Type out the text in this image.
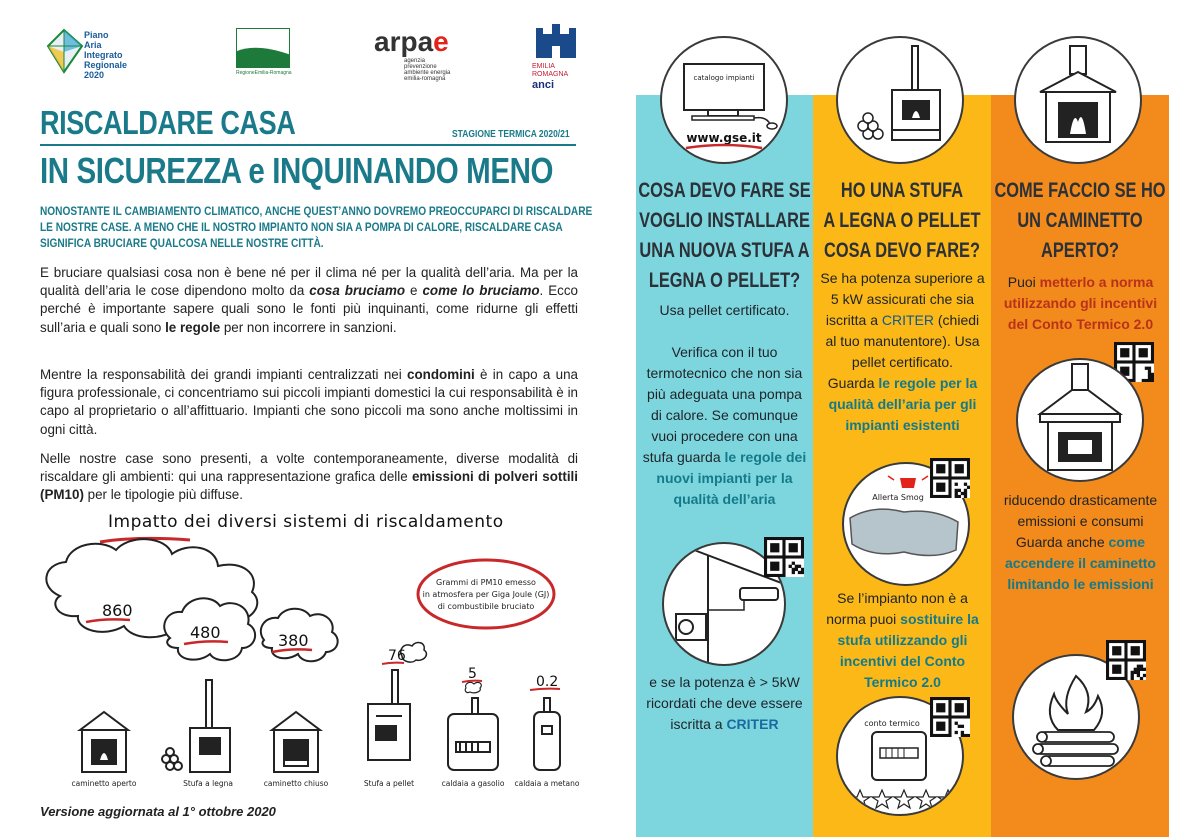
Piano
Aria
Integrato
Regionale
2020	RegioneEmilia-Romagna
arpae
agenzia
prevenzione
ambiente energia
emilia-romagna
EMILIA
ROMAGNA
anci
RISCALDARE CASA	STAGIONE TERMICA 2020/21
IN SICUREZZA e INQUINANDO MENO
NONOSTANTE IL CAMBIAMENTO CLIMATICO, ANCHE QUEST’ANNO DOVREMO PREOCCUPARCI DI RISCALDARE
LE NOSTRE CASE. A MENO CHE IL NOSTRO IMPIANTO NON SIA A POMPA DI CALORE, RISCALDARE CASA
SIGNIFICA BRUCIARE QUALCOSA NELLE NOSTRE CITTÀ.

E bruciare qualsiasi cosa non è bene né per il clima né per la qualità dell’aria. Ma per la qualità dell’aria le cose dipendono molto da cosa bruciamo e come lo bruciamo. Ecco perché è importante sapere quali sono le fonti più inquinanti, come ridurne gli effetti sull’aria e quali sono le regole per non incorrere in sanzioni.

Mentre la responsabilità dei grandi impianti centralizzati nei condomini è in capo a una figura professionale, ci concentriamo sui piccoli impianti domestici la cui responsabilità è in capo al proprietario o all’affittuario. Impianti che sono piccoli ma sono anche moltissimi in ogni città.

Nelle nostre case sono presenti, a volte contemporaneamente, diverse modalità di riscaldare gli ambienti: qui una rappresentazione grafica delle emissioni di polveri sottili (PM10) per le tipologie più diffuse.

Impatto dei diversi sistemi di riscaldamento
Grammi di PM10 emesso
in atmosfera per Giga Joule (GJ)
di combustibile bruciato
860
480	380
76
5	0.2
caminetto aperto	Stufa a legna	caminetto chiuso	Stufa a pellet	caldaia a gasolio caldaia a metano
Versione aggiornata al 1° ottobre 2020
catalogo impianti
www.gse.it
COSA DEVO FARE SE
VOGLIO INSTALLARE
UNA NUOVA STUFA A
LEGNA O PELLET?
HO UNA STUFA
A LEGNA O PELLET
COSA DEVO FARE?
COME FACCIO SE HO
UN CAMINETTO
APERTO?
Usa pellet certificato.
Verifica con il tuo termotecnico che non sia più adeguata una pompa di calore. Se comunque vuoi procedere con una stufa guarda le regole dei nuovi impianti per la qualità dell’aria
e se la potenza è > 5kW ricordati che deve essere iscritta a CRITER
Se ha potenza superiore a 5 kW assicurati che sia iscritta a CRITER (chiedi al tuo manutentore). Usa pellet certificato.
Guarda le regole per la qualità dell’aria per gli impianti esistenti
Allerta Smog
Se l’impianto non è a norma puoi sostituire la stufa utilizzando gli incentivi del Conto Termico 2.0
conto termico
Puoi metterlo a norma utilizzando gli incentivi del Conto Termico 2.0
riducendo drasticamente emissioni e consumi Guarda anche come accendere il caminetto limitando le emissioni
